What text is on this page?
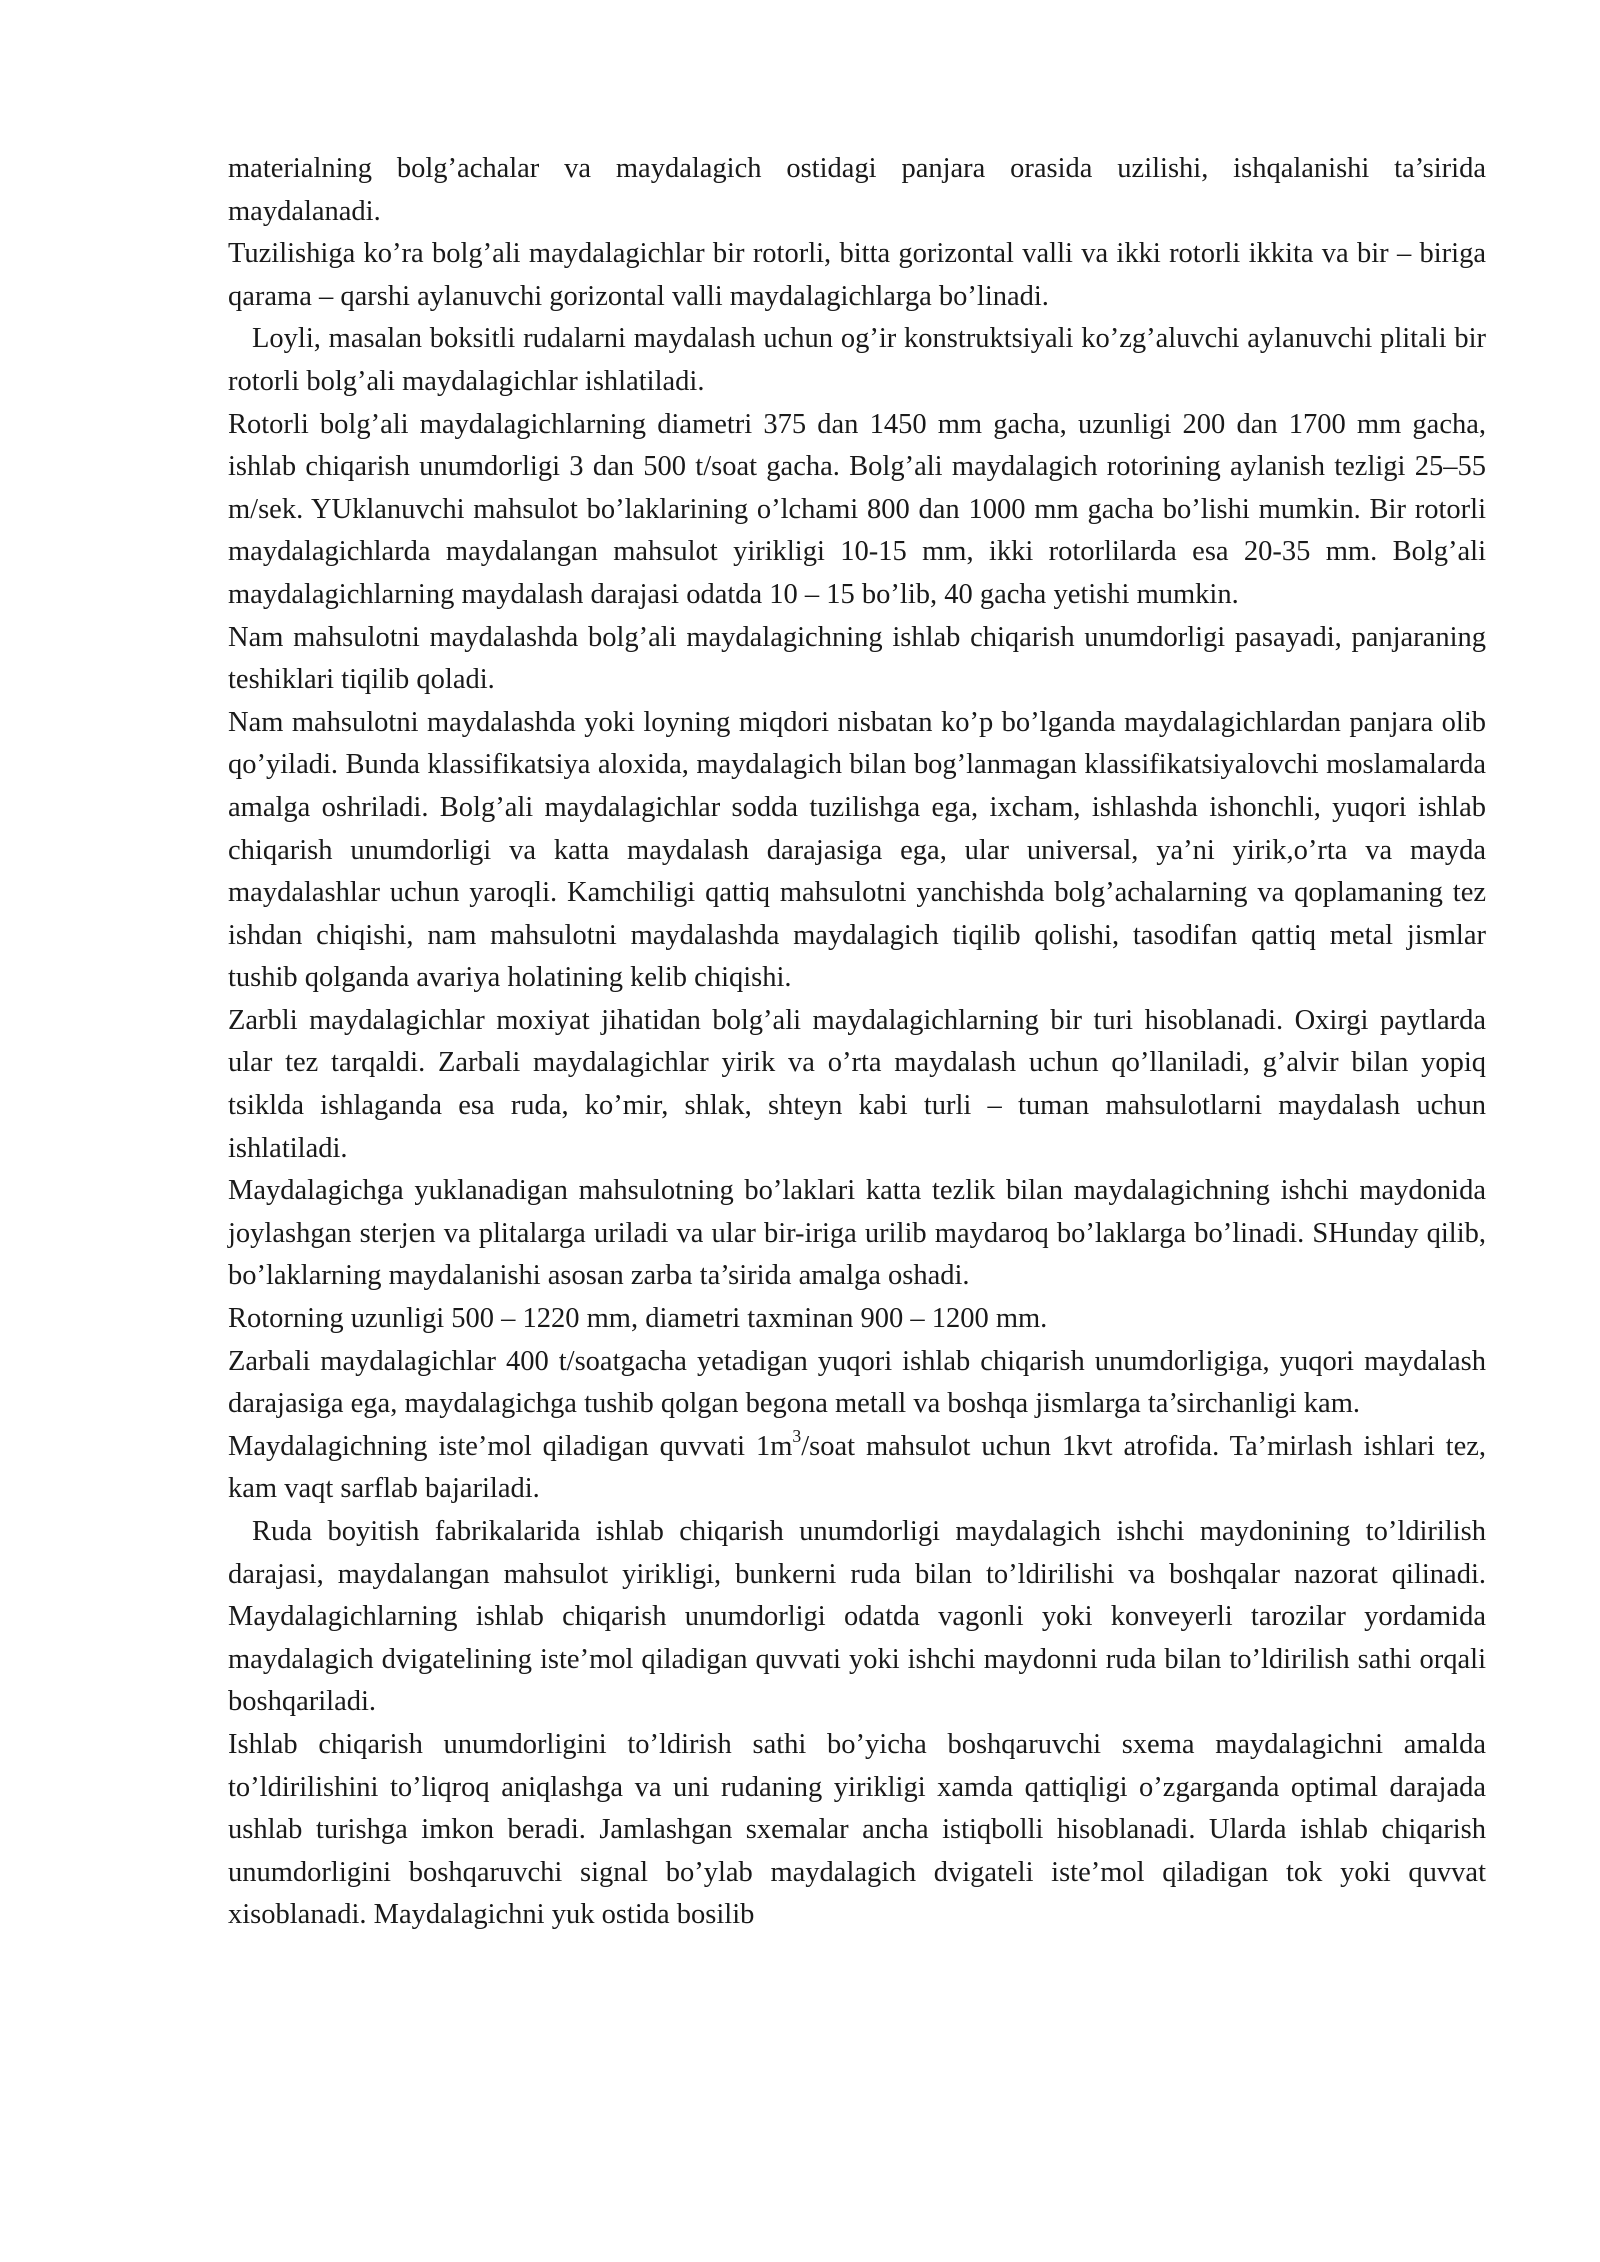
materialning bolg’achalar va maydalagich ostidagi panjara orasida uzilishi, ishqalanishi ta’sirida maydalanadi.

Tuzilishiga ko’ra bolg’ali maydalagichlar bir rotorli, bitta gorizontal valli va ikki rotorli ikkita va bir – biriga qarama – qarshi aylanuvchi gorizontal valli maydalagichlarga bo’linadi.

Loyli, masalan boksitli rudalarni maydalash uchun og’ir konstruktsiyali ko’zg’aluvchi aylanuvchi plitali bir rotorli bolg’ali maydalagichlar ishlatiladi.

Rotorli bolg’ali maydalagichlarning diametri 375 dan 1450 mm gacha, uzunligi 200 dan 1700 mm gacha, ishlab chiqarish unumdorligi 3 dan 500 t/soat gacha. Bolg’ali maydalagich rotorining aylanish tezligi 25–55 m/sek. YUklanuvchi mahsulot bo’laklarining o’lchami 800 dan 1000 mm gacha bo’lishi mumkin. Bir rotorli maydalagichlarda maydalangan mahsulot yirikligi 10-15 mm, ikki rotorlilarda esa 20-35 mm. Bolg’ali maydalagichlarning maydalash darajasi odatda 10 – 15 bo’lib, 40 gacha yetishi mumkin.

Nam mahsulotni maydalashda bolg’ali maydalagichning ishlab chiqarish unumdorligi pasayadi, panjaraning teshiklari tiqilib qoladi.

Nam mahsulotni maydalashda yoki loyning miqdori nisbatan ko’p bo’lganda maydalagichlardan panjara olib qo’yiladi. Bunda klassifikatsiya aloxida, maydalagich bilan bog’lanmagan klassifikatsiyalovchi moslamalarda amalga oshriladi. Bolg’ali maydalagichlar sodda tuzilishga ega, ixcham, ishlashda ishonchli, yuqori ishlab chiqarish unumdorligi va katta maydalash darajasiga ega, ular universal, ya’ni yirik,o’rta va mayda maydalashlar uchun yaroqli. Kamchiligi qattiq mahsulotni yanchishda bolg’achalarning va qoplamaning tez ishdan chiqishi, nam mahsulotni maydalashda maydalagich tiqilib qolishi, tasodifan qattiq metal jismlar tushib qolganda avariya holatining kelib chiqishi.

Zarbli maydalagichlar moxiyat jihatidan bolg’ali maydalagichlarning bir turi hisoblanadi. Oxirgi paytlarda ular tez tarqaldi. Zarbali maydalagichlar yirik va o’rta maydalash uchun qo’llaniladi, g’alvir bilan yopiq tsiklda ishlaganda esa ruda, ko’mir, shlak, shteyn kabi turli – tuman mahsulotlarni maydalash uchun ishlatiladi.

Maydalagichga yuklanadigan mahsulotning bo’laklari katta tezlik bilan maydalagichning ishchi maydonida joylashgan sterjen va plitalarga uriladi va ular bir-iriga urilib maydaroq bo’laklarga bo’linadi. SHunday qilib, bo’laklarning maydalanishi asosan zarba ta’sirida amalga oshadi.

Rotorning uzunligi 500 – 1220 mm, diametri taxminan 900 – 1200 mm.

Zarbali maydalagichlar 400 t/soatgacha yetadigan yuqori ishlab chiqarish unumdorligiga, yuqori maydalash darajasiga ega, maydalagichga tushib qolgan begona metall va boshqa jismlarga ta’sirchanligi kam.

Maydalagichning iste’mol qiladigan quvvati $1m^3$/soat mahsulot uchun 1kvt atrofida. Ta’mirlash ishlari tez, kam vaqt sarflab bajariladi.

Ruda boyitish fabrikalarida ishlab chiqarish unumdorligi maydalagich ishchi maydonining to’ldirilish darajasi, maydalangan mahsulot yirikligi, bunkerni ruda bilan to’ldirilishi va boshqalar nazorat qilinadi. Maydalagichlarning ishlab chiqarish unumdorligi odatda vagonli yoki konveyerli tarozilar yordamida maydalagich dvigatelining iste’mol qiladigan quvvati yoki ishchi maydonni ruda bilan to’ldirilish sathi orqali boshqariladi.

Ishlab chiqarish unumdorligini to’ldirish sathi bo’yicha boshqaruvchi sxema maydalagichni amalda to’ldirilishini to’liqroq aniqlashga va uni rudaning yirikligi xamda qattiqligi o’zgarganda optimal darajada ushlab turishga imkon beradi. Jamlashgan sxemalar ancha istiqbolli hisoblanadi. Ularda ishlab chiqarish unumdorligini boshqaruvchi signal bo’ylab maydalagich dvigateli iste’mol qiladigan tok yoki quvvat xisoblanadi. Maydalagichni yuk ostida bosilib
